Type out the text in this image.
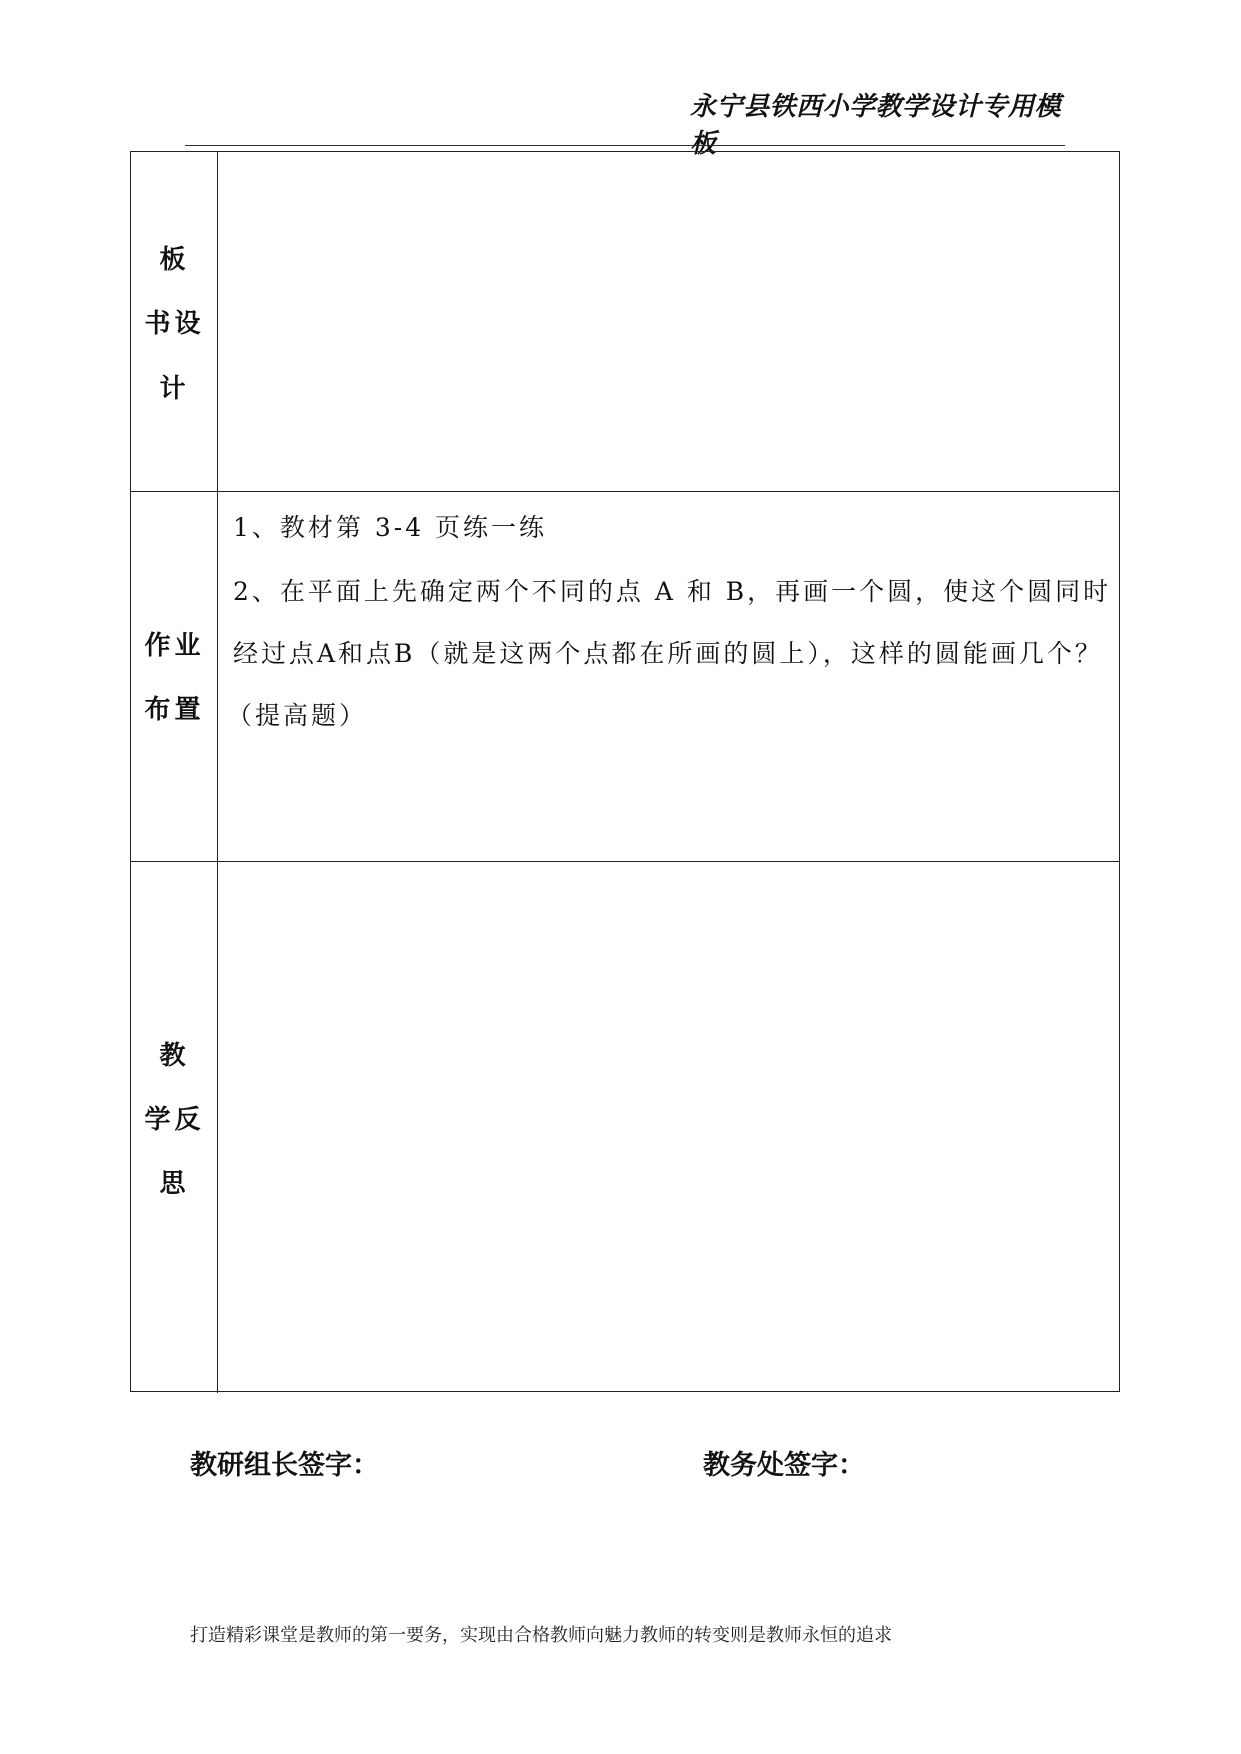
永宁县铁西小学教学设计专用模板
板
书设
计
作业
布置
1、教材第 3-4 页练一练
2、在平面上先确定两个不同的点 A 和 B，再画一个圆，使这个圆同时
经过点A和点B（就是这两个点都在所画的圆上），这样的圆能画几个？
（提高题）
教
学反
思
教研组长签字：	教务处签字：
打造精彩课堂是教师的第一要务，实现由合格教师向魅力教师的转变则是教师永恒的追求
